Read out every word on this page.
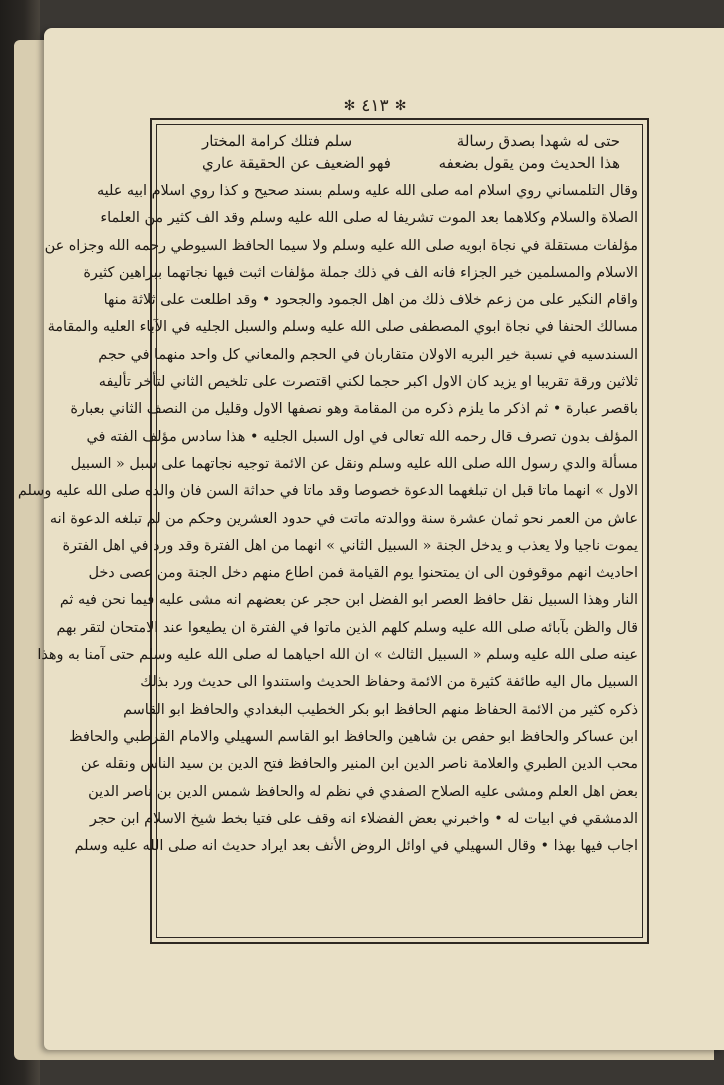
✻ ٤١٣ ✻
حتى له شهدا بصدق رسالة
سلم فتلك كرامة المختار
هذا الحديث ومن يقول بضعفه
فهو الضعيف عن الحقيقة عاري
وقال التلمساني روي اسلام امه صلى الله عليه وسلم بسند صحيح و كذا روي اسلام ابيه عليه
الصلاة والسلام وكلاهما بعد الموت تشريفا له صلى الله عليه وسلم وقد الف كثير من العلماء
مؤلفات مستقلة في نجاة ابويه صلى الله عليه وسلم ولا سيما الحافظ السيوطي رحمه الله وجزاه عن
الاسلام والمسلمين خير الجزاء فانه الف في ذلك جملة مؤلفات اثبت فيها نجاتهما ببراهين كثيرة
واقام النكير على من زعم خلاف ذلك من اهل الجمود والجحود • وقد اطلعت على ثلاثة منها
مسالك الحنفا في نجاة ابوي المصطفى صلى الله عليه وسلم والسبل الجليه في الآباء العليه والمقامة
السندسيه في نسبة خير البريه الاولان متقاربان في الحجم والمعاني كل واحد منهما في حجم
ثلاثين ورقة تقريبا او يزيد كان الاول اكبر حجما لكني اقتصرت على تلخيص الثاني لتأخر تأليفه
باقصر عبارة • ثم اذكر ما يلزم ذكره من المقامة وهو نصفها الاول وقليل من النصف الثاني بعبارة
المؤلف بدون تصرف قال رحمه الله تعالى في اول السبل الجليه • هذا سادس مؤلف الفته في
مسألة والدي رسول الله صلى الله عليه وسلم ونقل عن الائمة توجيه نجاتهما على سبل « السبيل
الاول » انهما ماتا قبل ان تبلغهما الدعوة خصوصا وقد ماتا في حداثة السن فان والده صلى الله عليه وسلم
عاش من العمر نحو ثمان عشرة سنة ووالدته ماتت في حدود العشرين وحكم من لم تبلغه الدعوة انه
يموت ناجيا ولا يعذب و يدخل الجنة « السبيل الثاني » انهما من اهل الفترة وقد ورد في اهل الفترة
احاديث انهم موقوفون الى ان يمتحنوا يوم القيامة فمن اطاع منهم دخل الجنة ومن عصى دخل
النار وهذا السبيل نقل حافظ العصر ابو الفضل ابن حجر عن بعضهم انه مشى عليه فيما نحن فيه ثم
قال والظن بآبائه صلى الله عليه وسلم كلهم الذين ماتوا في الفترة ان يطيعوا عند الامتحان لتقر بهم
عينه صلى الله عليه وسلم « السبيل الثالث » ان الله احياهما له صلى الله عليه وسلم حتى آمنا به وهذا
السبيل مال اليه طائفة كثيرة من الائمة وحفاظ الحديث واستندوا الى حديث ورد بذلك
ذكره كثير من الائمة الحفاظ منهم الحافظ ابو بكر الخطيب البغدادي والحافظ ابو القاسم
ابن عساكر والحافظ ابو حفص بن شاهين والحافظ ابو القاسم السهيلي والامام القرطبي والحافظ
محب الدين الطبري والعلامة ناصر الدين ابن المنير والحافظ فتح الدين بن سيد الناس ونقله عن
بعض اهل العلم ومشى عليه الصلاح الصفدي في نظم له والحافظ شمس الدين بن ناصر الدين
الدمشقي في ابيات له • واخبرني بعض الفضلاء انه وقف على فتيا بخط شيخ الاسلام ابن حجر
اجاب فيها بهذا • وقال السهيلي في اوائل الروض الأنف بعد ايراد حديث انه صلى الله عليه وسلم
